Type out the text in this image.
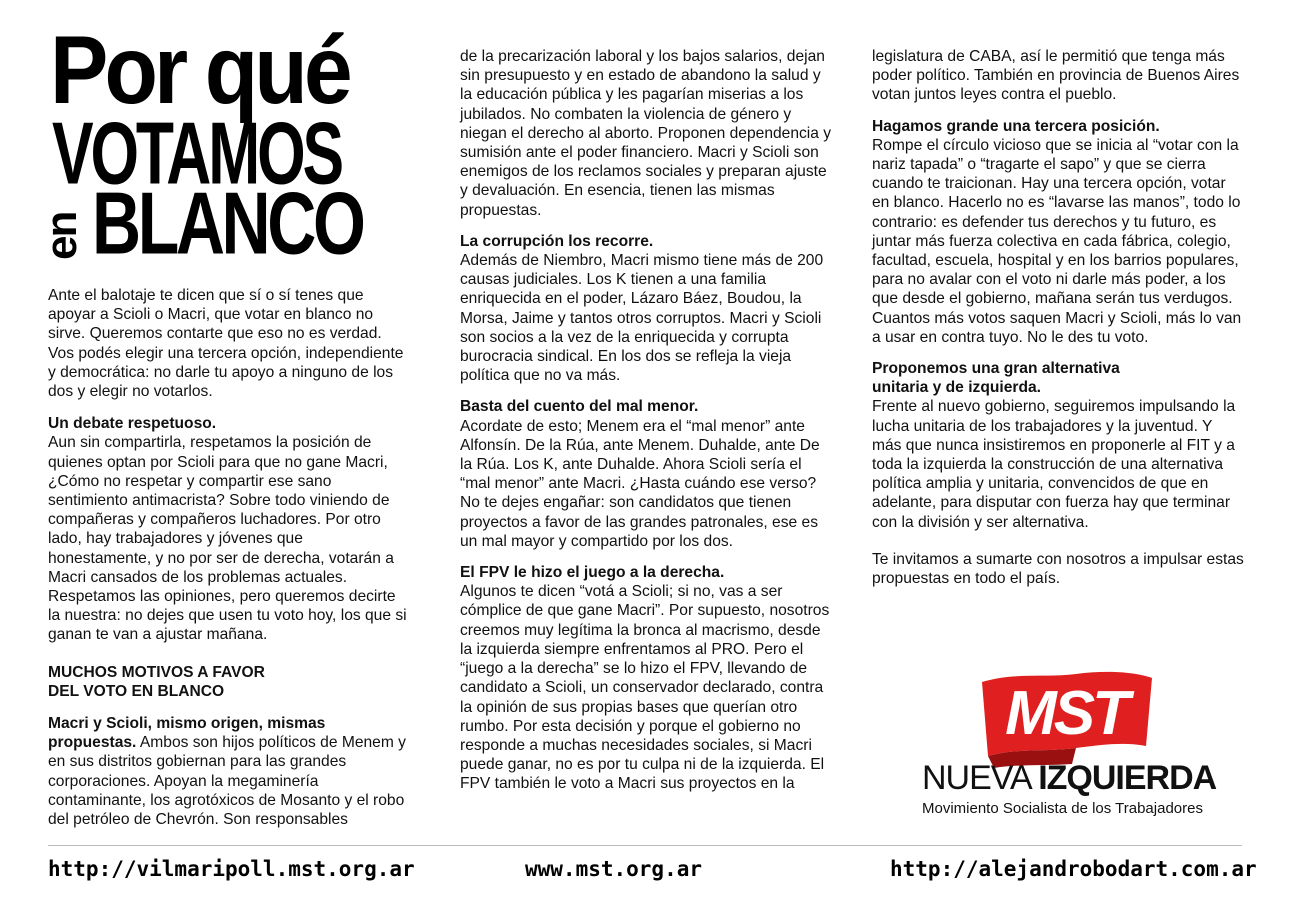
Por qué
VOTAMOS
en BLANCO

Ante el balotaje te dicen que sí o sí tenes que apoyar a Scioli o Macri, que votar en blanco no sirve. Queremos contarte que eso no es verdad. Vos podés elegir una tercera opción, independiente y democrática: no darle tu apoyo a ninguno de los dos y elegir no votarlos.

Un debate respetuoso.

Aun sin compartirla, respetamos la posición de quienes optan por Scioli para que no gane Macri, ¿Cómo no respetar y compartir ese sano sentimiento antimacrista? Sobre todo viniendo de compañeras y compañeros luchadores. Por otro lado, hay trabajadores y jóvenes que honestamente, y no por ser de derecha, votarán a Macri cansados de los problemas actuales. Respetamos las opiniones, pero queremos decirte la nuestra: no dejes que usen tu voto hoy, los que si ganan te van a ajustar mañana.

MUCHOS MOTIVOS A FAVOR
DEL VOTO EN BLANCO

Macri y Scioli, mismo origen, mismas propuestas. Ambos son hijos políticos de Menem y en sus distritos gobiernan para las grandes corporaciones. Apoyan la megaminería contaminante, los agrotóxicos de Mosanto y el robo del petróleo de Chevrón. Son responsables

de la precarización laboral y los bajos salarios, dejan sin presupuesto y en estado de abandono la salud y la educación pública y les pagarían miserias a los jubilados. No combaten la violencia de género y niegan el derecho al aborto. Proponen dependencia y sumisión ante el poder financiero. Macri y Scioli son enemigos de los reclamos sociales y preparan ajuste y devaluación. En esencia, tienen las mismas propuestas.

La corrupción los recorre.

Además de Niembro, Macri mismo tiene más de 200 causas judiciales. Los K tienen a una familia enriquecida en el poder, Lázaro Báez, Boudou, la Morsa, Jaime y tantos otros corruptos. Macri y Scioli son socios a la vez de la enriquecida y corrupta burocracia sindical. En los dos se refleja la vieja política que no va más.

Basta del cuento del mal menor.

Acordate de esto; Menem era el “mal menor” ante Alfonsín. De la Rúa, ante Menem. Duhalde, ante De la Rúa. Los K, ante Duhalde. Ahora Scioli sería el “mal menor” ante Macri. ¿Hasta cuándo ese verso? No te dejes engañar: son candidatos que tienen proyectos a favor de las grandes patronales, ese es un mal mayor y compartido por los dos.

El FPV le hizo el juego a la derecha.

Algunos te dicen “votá a Scioli; si no, vas a ser cómplice de que gane Macri”. Por supuesto, nosotros creemos muy legítima la bronca al macrismo, desde la izquierda siempre enfrentamos al PRO. Pero el “juego a la derecha” se lo hizo el FPV, llevando de candidato a Scioli, un conservador declarado, contra la opinión de sus propias bases que querían otro rumbo. Por esta decisión y porque el gobierno no responde a muchas necesidades sociales, si Macri puede ganar, no es por tu culpa ni de la izquierda. El FPV también le voto a Macri sus proyectos en la

legislatura de CABA, así le permitió que tenga más poder político. También en provincia de Buenos Aires votan juntos leyes contra el pueblo.

Hagamos grande una tercera posición.

Rompe el círculo vicioso que se inicia al “votar con la nariz tapada” o “tragarte el sapo” y que se cierra cuando te traicionan. Hay una tercera opción, votar en blanco. Hacerlo no es “lavarse las manos”, todo lo contrario: es defender tus derechos y tu futuro, es juntar más fuerza colectiva en cada fábrica, colegio, facultad, escuela, hospital y en los barrios populares, para no avalar con el voto ni darle más poder, a los que desde el gobierno, mañana serán tus verdugos. Cuantos más votos saquen Macri y Scioli, más lo van a usar en contra tuyo. No le des tu voto.

Proponemos una gran alternativa
unitaria y de izquierda.

Frente al nuevo gobierno, seguiremos impulsando la lucha unitaria de los trabajadores y la juventud. Y más que nunca insistiremos en proponerle al FIT y a toda la izquierda la construcción de una alternativa política amplia y unitaria, convencidos de que en adelante, para disputar con fuerza hay que terminar con la división y ser alternativa.

Te invitamos a sumarte con nosotros a impulsar estas propuestas en todo el país.

MST
NUEVA IZQUIERDA
Movimiento Socialista de los Trabajadores
http://vilmaripoll.mst.org.ar	www.mst.org.ar	http://alejandrobodart.com.ar
